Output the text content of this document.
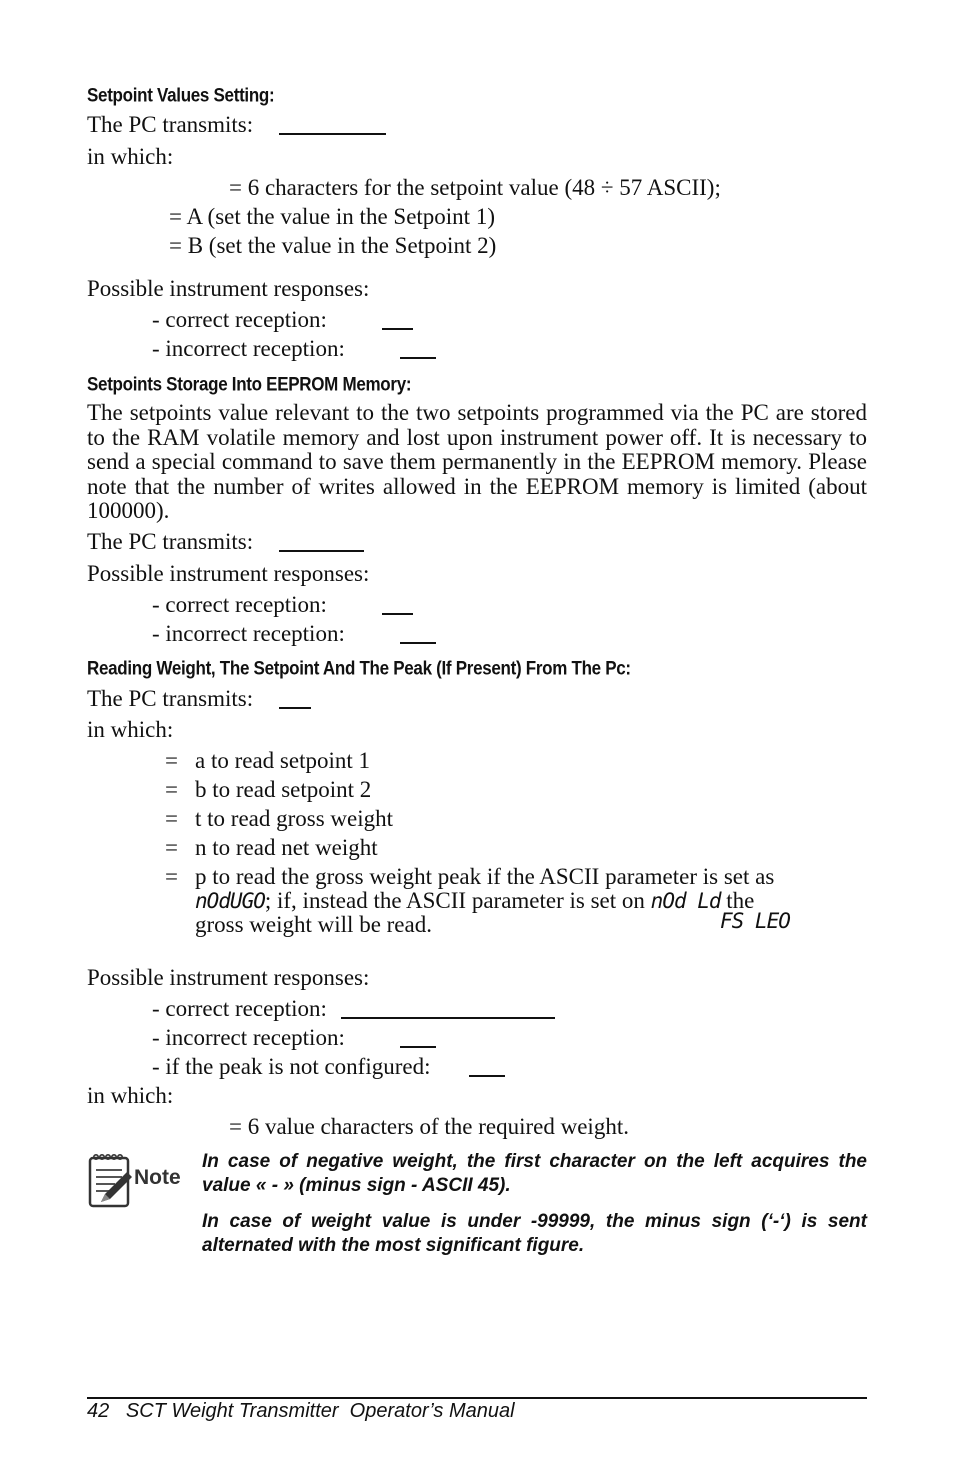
Setpoint Values Setting:
The PC transmits:
in which:
= 6 characters for the setpoint value (48 ÷ 57 ASCII);
= A (set the value in the Setpoint 1)
= B (set the value in the Setpoint 2)
Possible instrument responses:
- correct reception:
- incorrect reception:
Setpoints Storage Into EEPROM Memory:
The setpoints value relevant to the two setpoints programmed via the PC are stored to the RAM volatile memory and lost upon instrument power off. It is necessary to send a special command to save them permanently in the EEPROM memory. Please note that the number of writes allowed in the EEPROM memory is limited (about 100000).
The PC transmits:
Possible instrument responses:
- correct reception:
- incorrect reception:
Reading Weight, The Setpoint And The Peak (If Present) From The Pc:
The PC transmits:
in which:
= a to read setpoint 1
= b to read setpoint 2
= t to read gross weight
= n to read net weight
= p to read the gross weight peak if the ASCII parameter is set as
nOdUGO; if, instead the ASCII parameter is set on nOd Ld the
gross weight will be read.	FS LEO
Possible instrument responses:
- correct reception:
- incorrect reception:
- if the peak is not configured:
in which:
= 6 value characters of the required weight.
Note
In case of negative weight, the first character on the left acquires the value « - » (minus sign - ASCII 45).
In case of weight value is under -99999, the minus sign (‘-‘) is sent alternated with the most significant figure.
42 SCT Weight Transmitter  Operator’s Manual
